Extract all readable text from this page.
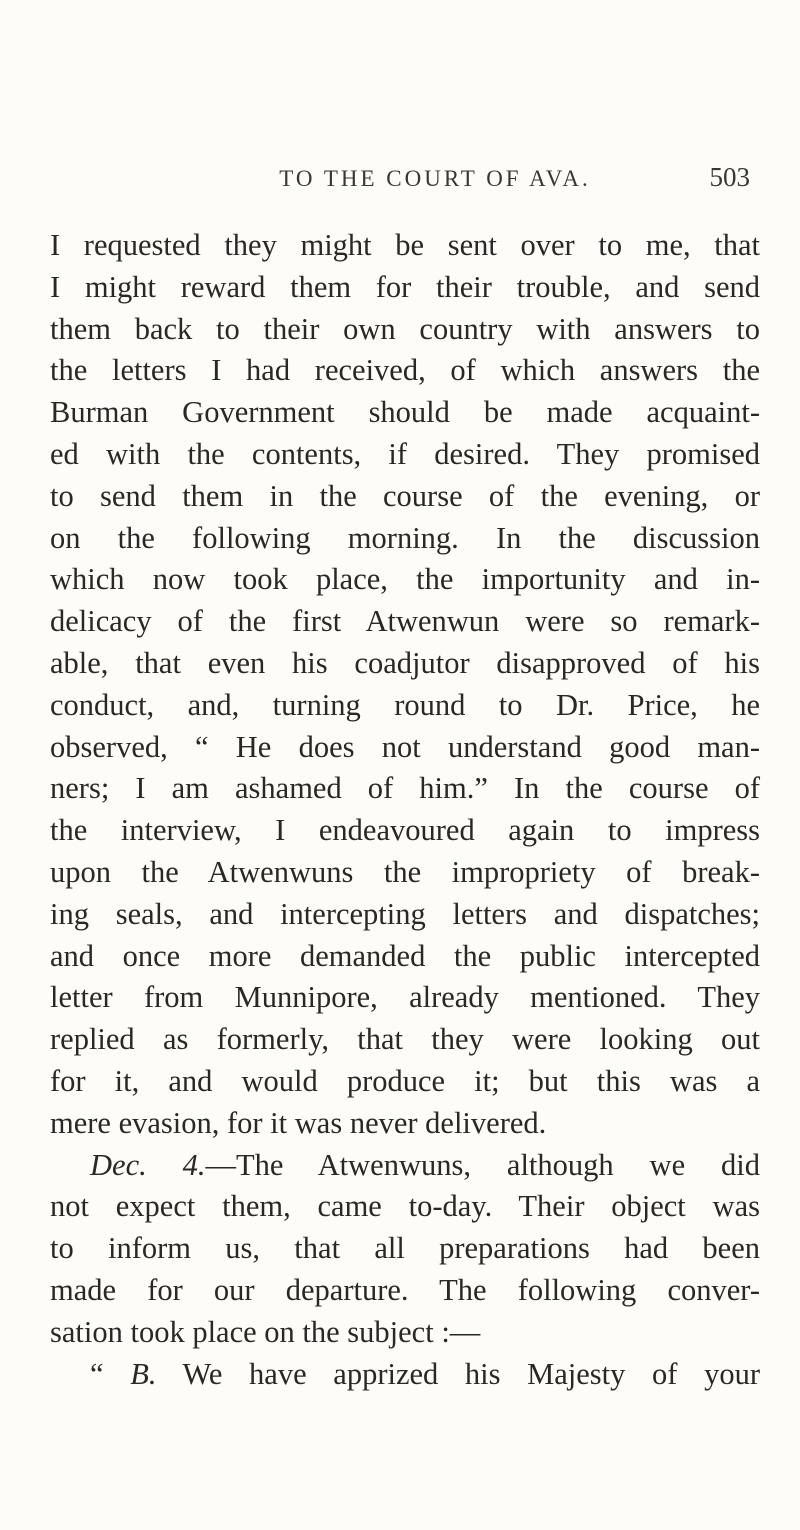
TO THE COURT OF AVA.	503
I requested they might be sent over to me, that
I might reward them for their trouble, and send
them back to their own country with answers to
the letters I had received, of which answers the
Burman Government should be made acquaint-
ed with the contents, if desired. They promised
to send them in the course of the evening, or
on the following morning. In the discussion
which now took place, the importunity and in-
delicacy of the first Atwenwun were so remark-
able, that even his coadjutor disapproved of his
conduct, and, turning round to Dr. Price, he
observed, “ He does not understand good man-
ners; I am ashamed of him.” In the course of
the interview, I endeavoured again to impress
upon the Atwenwuns the impropriety of break-
ing seals, and intercepting letters and dispatches;
and once more demanded the public intercepted
letter from Munnipore, already mentioned. They
replied as formerly, that they were looking out
for it, and would produce it; but this was a
mere evasion, for it was never delivered.
Dec. 4.—The Atwenwuns, although we did
not expect them, came to-day. Their object was
to inform us, that all preparations had been
made for our departure. The following conver-
sation took place on the subject :—
“ B. We have apprized his Majesty of your
